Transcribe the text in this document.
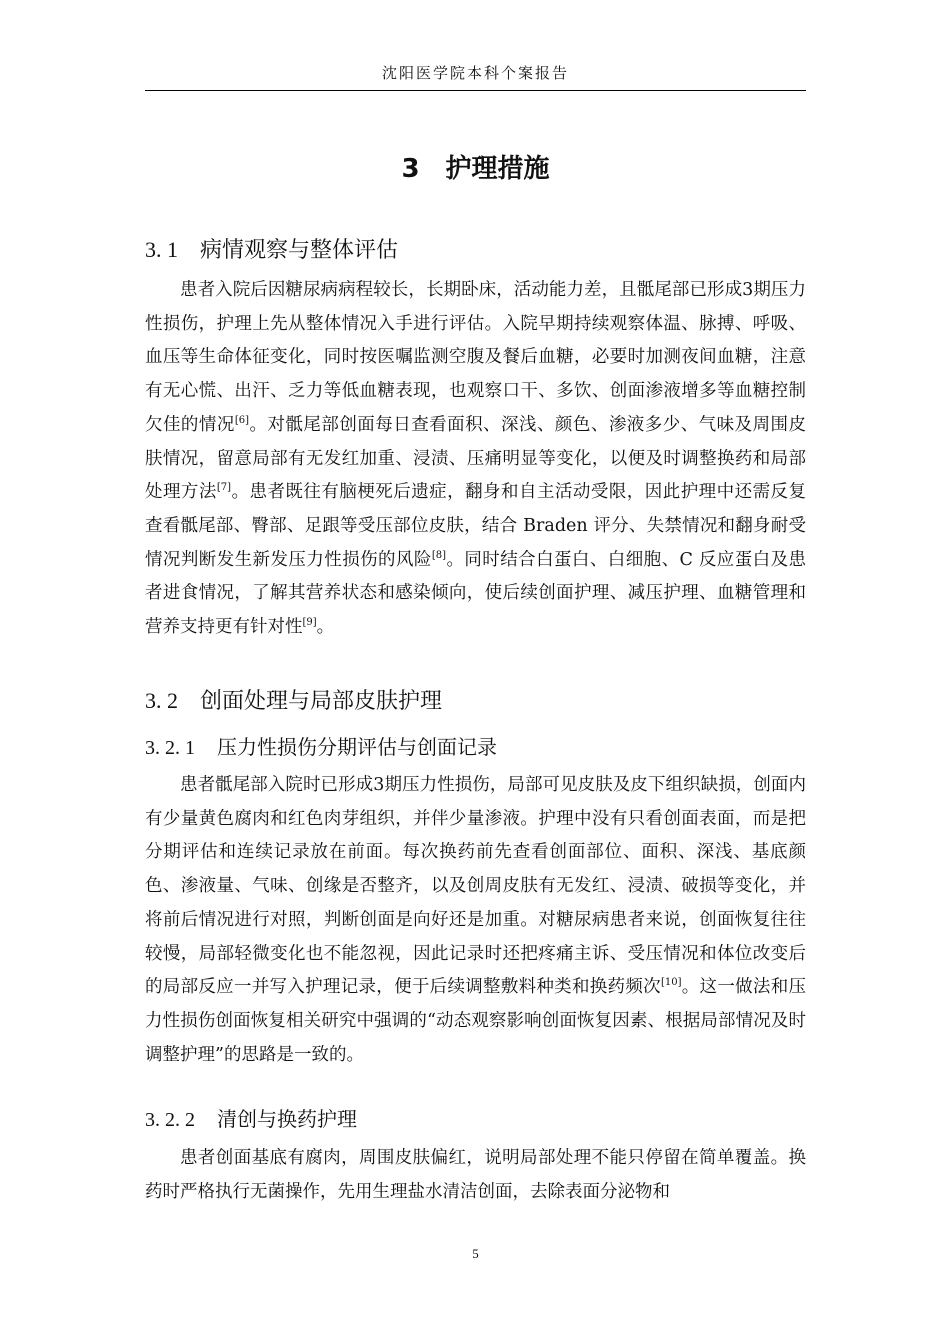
沈阳医学院本科个案报告
3 护理措施
3. 1 病情观察与整体评估

患者入院后因糖尿病病程较长，长期卧床，活动能力差，且骶尾部已形成3期压力性损伤，护理上先从整体情况入手进行评估。入院早期持续观察体温、脉搏、呼吸、血压等生命体征变化，同时按医嘱监测空腹及餐后血糖，必要时加测夜间血糖，注意有无心慌、出汗、乏力等低血糖表现，也观察口干、多饮、创面渗液增多等血糖控制欠佳的情况[6]。对骶尾部创面每日查看面积、深浅、颜色、渗液多少、气味及周围皮肤情况，留意局部有无发红加重、浸渍、压痛明显等变化，以便及时调整换药和局部处理方法[7]。患者既往有脑梗死后遗症，翻身和自主活动受限，因此护理中还需反复查看骶尾部、臀部、足跟等受压部位皮肤，结合 Braden 评分、失禁情况和翻身耐受情况判断发生新发压力性损伤的风险[8]。同时结合白蛋白、白细胞、C 反应蛋白及患者进食情况，了解其营养状态和感染倾向，使后续创面护理、减压护理、血糖管理和营养支持更有针对性[9]。

3. 2 创面处理与局部皮肤护理
3. 2. 1 压力性损伤分期评估与创面记录

患者骶尾部入院时已形成3期压力性损伤，局部可见皮肤及皮下组织缺损，创面内有少量黄色腐肉和红色肉芽组织，并伴少量渗液。护理中没有只看创面表面，而是把分期评估和连续记录放在前面。每次换药前先查看创面部位、面积、深浅、基底颜色、渗液量、气味、创缘是否整齐，以及创周皮肤有无发红、浸渍、破损等变化，并将前后情况进行对照，判断创面是向好还是加重。对糖尿病患者来说，创面恢复往往较慢，局部轻微变化也不能忽视，因此记录时还把疼痛主诉、受压情况和体位改变后的局部反应一并写入护理记录，便于后续调整敷料种类和换药频次[10]。这一做法和压力性损伤创面恢复相关研究中强调的“动态观察影响创面恢复因素、根据局部情况及时调整护理”的思路是一致的。

3. 2. 2 清创与换药护理

患者创面基底有腐肉，周围皮肤偏红，说明局部处理不能只停留在简单覆盖。换药时严格执行无菌操作，先用生理盐水清洁创面，去除表面分泌物和

5
